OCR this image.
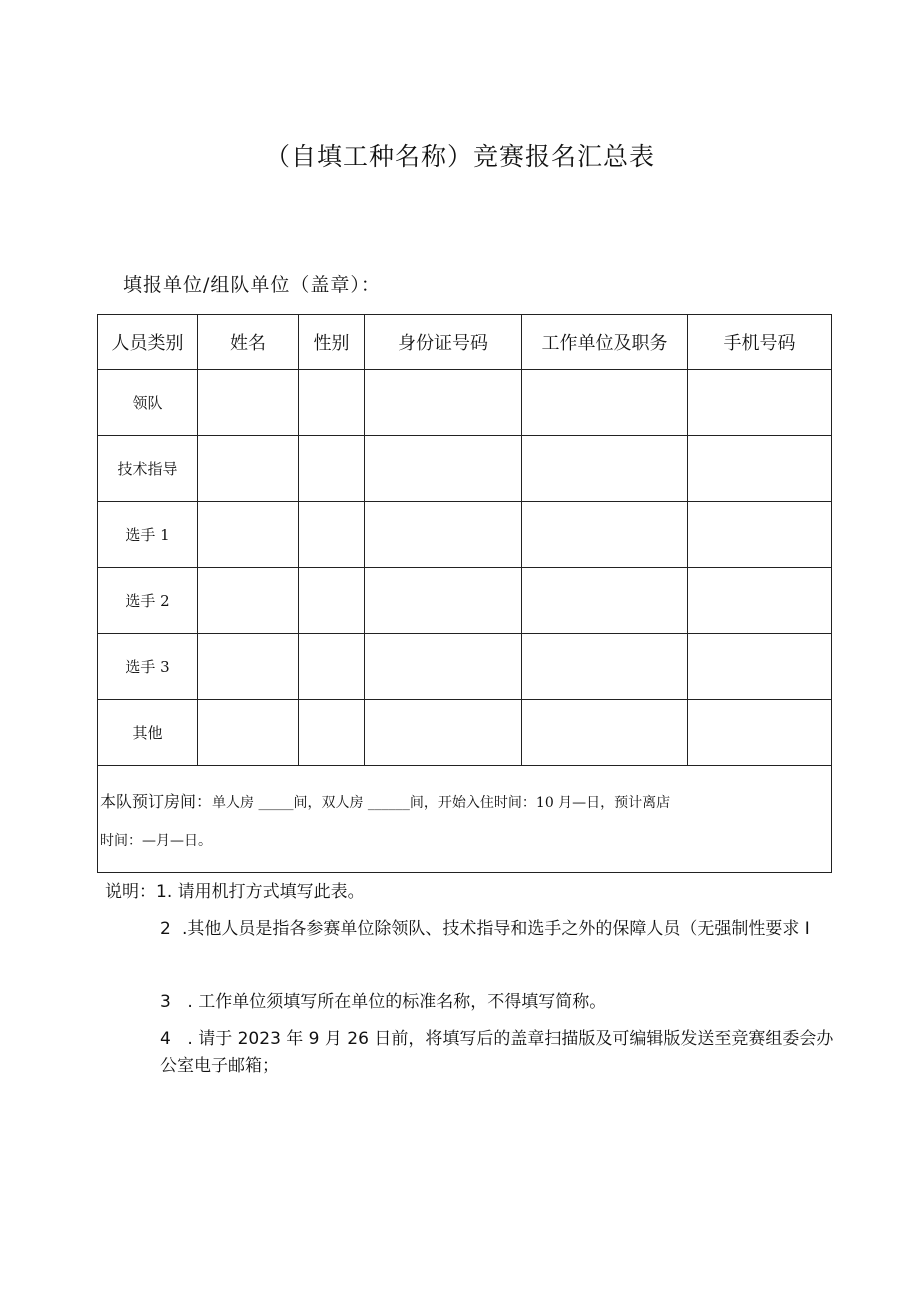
（自填工种名称）竞赛报名汇总表
填报单位/组队单位（盖章）：
人员类别	姓名	性别	身份证号码	工作单位及职务	手机号码
领队					
技术指导					
选手 1					
选手 2					
选手 3					
其他					

本队预订房间：单人房 _____间，双人房 ______间，开始入住时间：10 月—日，预计离店
时间：—月—日。					
说明：1. 请用机打方式填写此表。
2 .其他人员是指各参赛单位除领队、技术指导和选手之外的保障人员（无强制性要求 I
3 . 工作单位须填写所在单位的标准名称，不得填写简称。
4 . 请于 2023 年 9 月 26 日前，将填写后的盖章扫描版及可编辑版发送至竞赛组委会办公室电子邮箱；
